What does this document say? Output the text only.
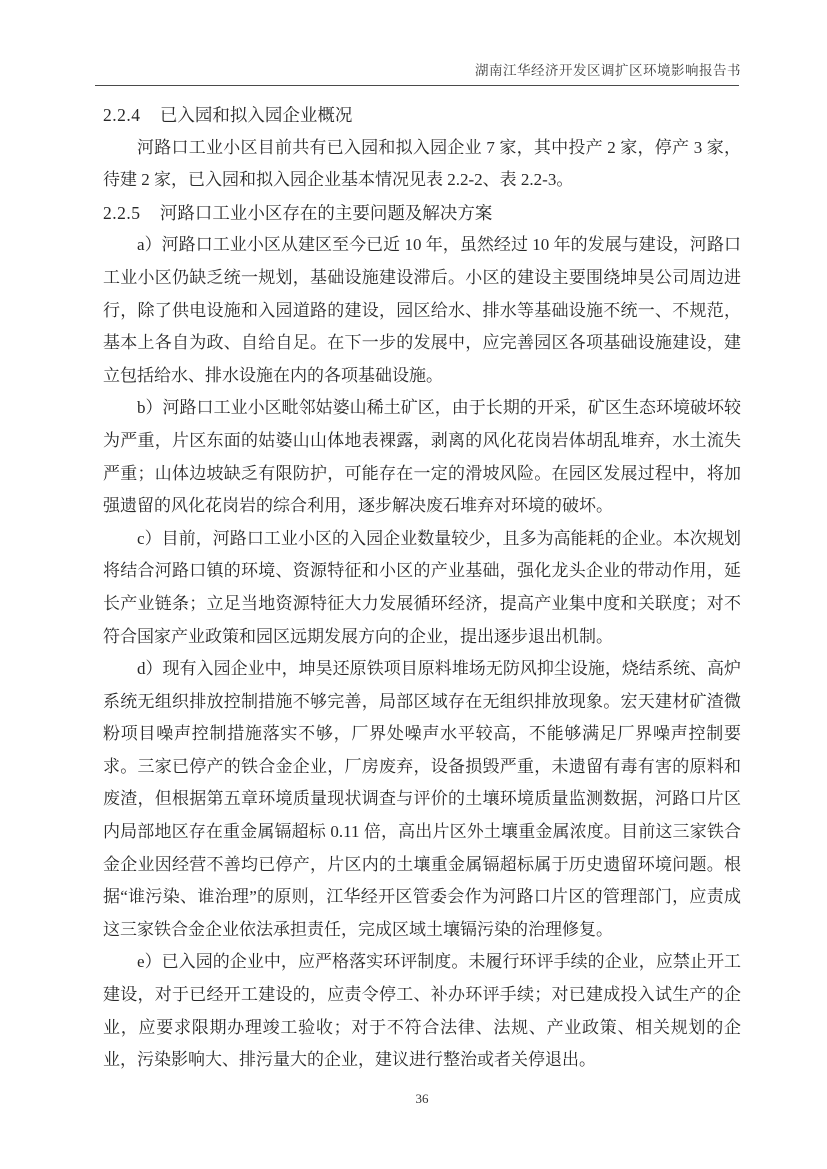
湖南江华经济开发区调扩区环境影响报告书
2.2.4 已入园和拟入园企业概况

河路口工业小区目前共有已入园和拟入园企业 7 家，其中投产 2 家，停产 3 家，待建 2 家，已入园和拟入园企业基本情况见表 2.2-2、表 2.2-3。

2.2.5 河路口工业小区存在的主要问题及解决方案

a）河路口工业小区从建区至今已近 10 年，虽然经过 10 年的发展与建设，河路口工业小区仍缺乏统一规划，基础设施建设滞后。小区的建设主要围绕坤昊公司周边进行，除了供电设施和入园道路的建设，园区给水、排水等基础设施不统一、不规范，基本上各自为政、自给自足。在下一步的发展中，应完善园区各项基础设施建设，建立包括给水、排水设施在内的各项基础设施。

b）河路口工业小区毗邻姑婆山稀土矿区，由于长期的开采，矿区生态环境破坏较为严重，片区东面的姑婆山山体地表裸露，剥离的风化花岗岩体胡乱堆弃，水土流失严重；山体边坡缺乏有限防护，可能存在一定的滑坡风险。在园区发展过程中，将加强遗留的风化花岗岩的综合利用，逐步解决废石堆弃对环境的破坏。

c）目前，河路口工业小区的入园企业数量较少，且多为高能耗的企业。本次规划将结合河路口镇的环境、资源特征和小区的产业基础，强化龙头企业的带动作用，延长产业链条；立足当地资源特征大力发展循环经济，提高产业集中度和关联度；对不符合国家产业政策和园区远期发展方向的企业，提出逐步退出机制。

d）现有入园企业中，坤昊还原铁项目原料堆场无防风抑尘设施，烧结系统、高炉系统无组织排放控制措施不够完善，局部区域存在无组织排放现象。宏天建材矿渣微粉项目噪声控制措施落实不够，厂界处噪声水平较高，不能够满足厂界噪声控制要求。三家已停产的铁合金企业，厂房废弃，设备损毁严重，未遗留有毒有害的原料和废渣，但根据第五章环境质量现状调查与评价的土壤环境质量监测数据，河路口片区内局部地区存在重金属镉超标 0.11 倍，高出片区外土壤重金属浓度。目前这三家铁合金企业因经营不善均已停产，片区内的土壤重金属镉超标属于历史遗留环境问题。根据“谁污染、谁治理”的原则，江华经开区管委会作为河路口片区的管理部门，应责成这三家铁合金企业依法承担责任，完成区域土壤镉污染的治理修复。

e）已入园的企业中，应严格落实环评制度。未履行环评手续的企业，应禁止开工建设，对于已经开工建设的，应责令停工、补办环评手续；对已建成投入试生产的企业，应要求限期办理竣工验收；对于不符合法律、法规、产业政策、相关规划的企业，污染影响大、排污量大的企业，建议进行整治或者关停退出。

36
